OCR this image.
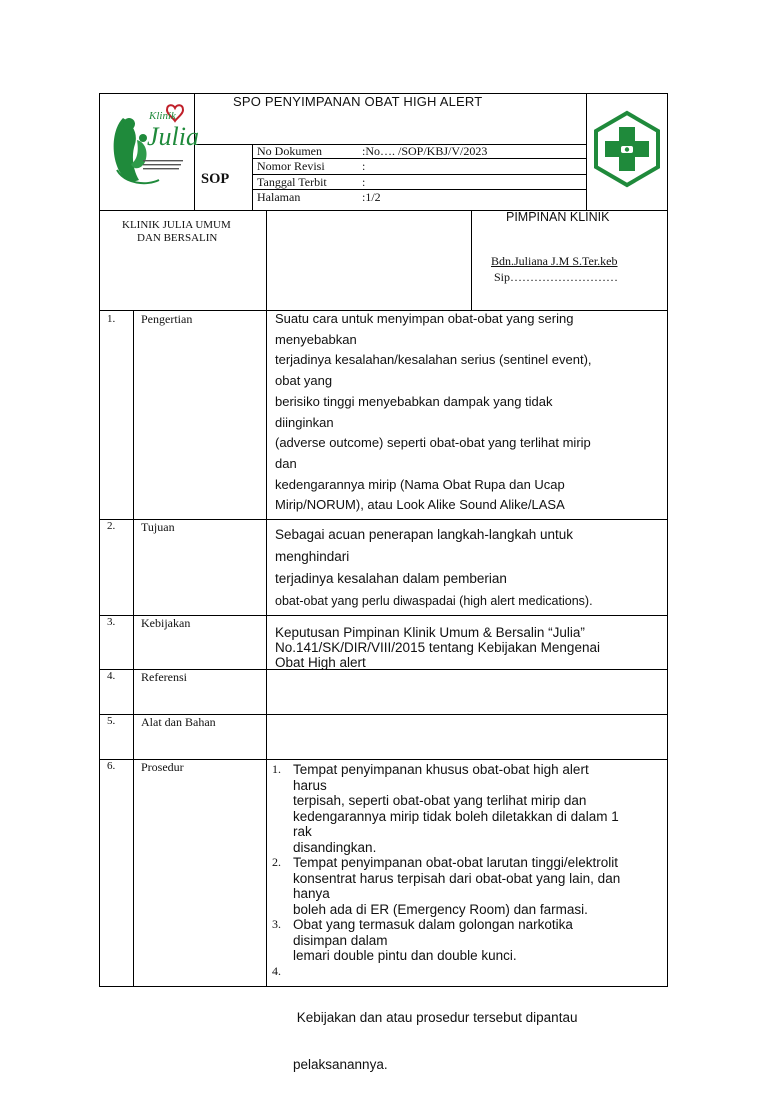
Klinik
Julia
SPO PENYIMPANAN OBAT HIGH ALERT
SOP
No Dokumen	:No…. /SOP/KBJ/V/2023
Nomor Revisi	:
Tanggal Terbit	:
Halaman	:1/2
KLINIK JULIA UMUM
DAN BERSALIN
PIMPINAN KLINIK
Bdn.Juliana J.M S.Ter.keb
Sip………………………
1. Pengertian	Suatu cara untuk menyimpan obat-obat yang sering
menyebabkan
terjadinya kesalahan/kesalahan serius (sentinel event),
obat yang
berisiko tinggi menyebabkan dampak yang tidak
diinginkan
(adverse outcome) seperti obat-obat yang terlihat mirip
dan
kedengarannya mirip (Nama Obat Rupa dan Ucap
Mirip/NORUM), atau Look Alike Sound Alike/LASA
2. Tujuan	Sebagai acuan penerapan langkah-langkah untuk
menghindari
terjadinya kesalahan dalam pemberian
obat-obat yang perlu diwaspadai (high alert medications).
3. Kebijakan
Keputusan Pimpinan Klinik Umum & Bersalin “Julia”
No.141/SK/DIR/VIII/2015 tentang Kebijakan Mengenai
Obat High alert
4. Referensi
5. Alat dan Bahan
6. Prosedur	1. Tempat penyimpanan khusus obat-obat high alert
harus
terpisah, seperti obat-obat yang terlihat mirip dan
kedengarannya mirip tidak boleh diletakkan di dalam 1
rak
disandingkan.
2. Tempat penyimpanan obat-obat larutan tinggi/elektrolit
konsentrat harus terpisah dari obat-obat yang lain, dan
hanya
boleh ada di ER (Emergency Room) dan farmasi.
3. Obat yang termasuk dalam golongan narkotika
disimpan dalam
lemari double pintu dan double kunci.

4.

Kebijakan dan atau prosedur tersebut dipantau

pelaksanannya.
